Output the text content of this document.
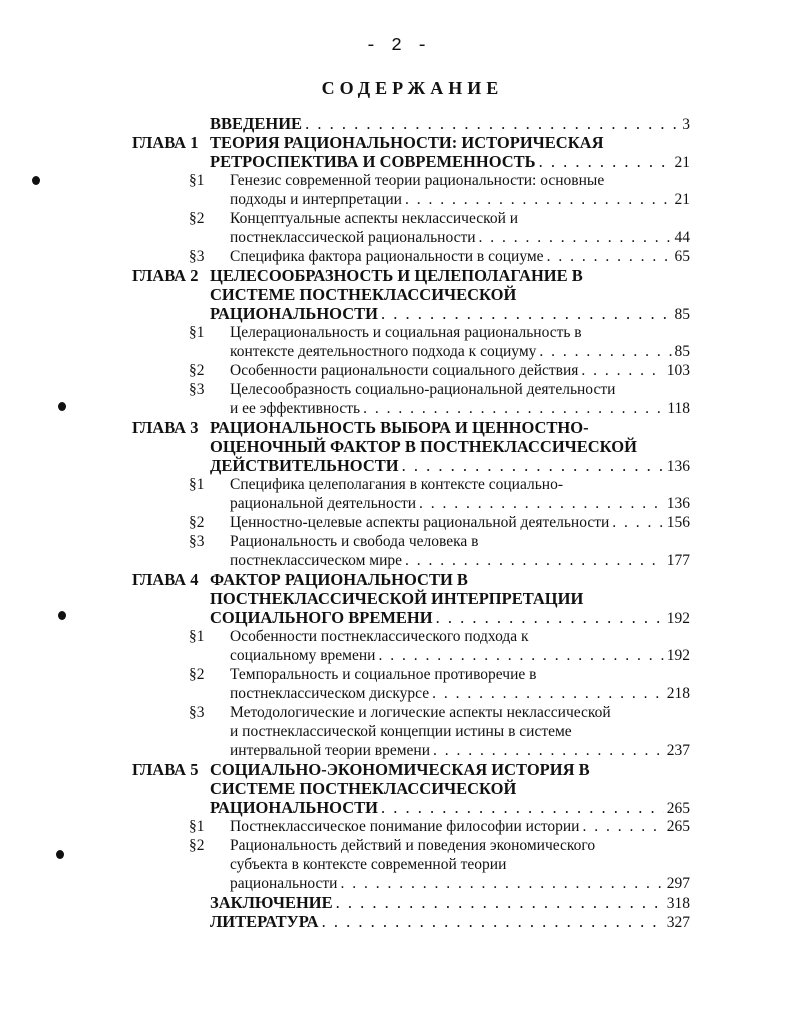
- 2 -
СОДЕРЖАНИЕ
ВВЕДЕНИЕ . . .	3
ГЛАВА 1 ТЕОРИЯ РАЦИОНАЛЬНОСТИ: ИСТОРИЧЕСКАЯ
РЕТРОСПЕКТИВА И СОВРЕМЕННОСТЬ . . .	21
§1 Генезис современной теории рациональности: основные
подходы и интерпретации . . .	21
§2 Концептуальные аспекты неклассической и
постнеклассической рациональности . . .	44
§3 Специфика фактора рациональности в социуме . . .	65
ГЛАВА 2 ЦЕЛЕСООБРАЗНОСТЬ И ЦЕЛЕПОЛАГАНИЕ В
СИСТЕМЕ ПОСТНЕКЛАССИЧЕСКОЙ
РАЦИОНАЛЬНОСТИ . . .	85
§1 Целерациональность и социальная рациональность в
контексте деятельностного подхода к социуму . . .	85
§2 Особенности рациональности социального действия . . .	103
§3 Целесообразность социально-рациональной деятельности
и ее эффективность . . .	118
ГЛАВА 3 РАЦИОНАЛЬНОСТЬ ВЫБОРА И ЦЕННОСТНО-
ОЦЕНОЧНЫЙ ФАКТОР В ПОСТНЕКЛАССИЧЕСКОЙ
ДЕЙСТВИТЕЛЬНОСТИ . . .	136
§1 Специфика целеполагания в контексте социально-
рациональной деятельности . . .	136
§2 Ценностно-целевые аспекты рациональной деятельности . . .	156
§3 Рациональность и свобода человека в
постнеклассическом мире . . .	177
ГЛАВА 4 ФАКТОР РАЦИОНАЛЬНОСТИ В
ПОСТНЕКЛАССИЧЕСКОЙ ИНТЕРПРЕТАЦИИ
СОЦИАЛЬНОГО ВРЕМЕНИ . . .	192
§1 Особенности постнеклассического подхода к
социальному времени . . .	192
§2 Темпоральность и социальное противоречие в
постнеклассическом дискурсе . . .	218
§3 Методологические и логические аспекты неклассической
и постнеклассической концепции истины в системе
интервальной теории времени . . .	237
ГЛАВА 5 СОЦИАЛЬНО-ЭКОНОМИЧЕСКАЯ ИСТОРИЯ В
СИСТЕМЕ ПОСТНЕКЛАССИЧЕСКОЙ
РАЦИОНАЛЬНОСТИ . . .	265
§1 Постнеклассическое понимание философии истории . . .	265
§2 Рациональность действий и поведения экономического
субъекта в контексте современной теории
рациональности . . .	297
ЗАКЛЮЧЕНИЕ . . .	318
ЛИТЕРАТУРА . . .	327
